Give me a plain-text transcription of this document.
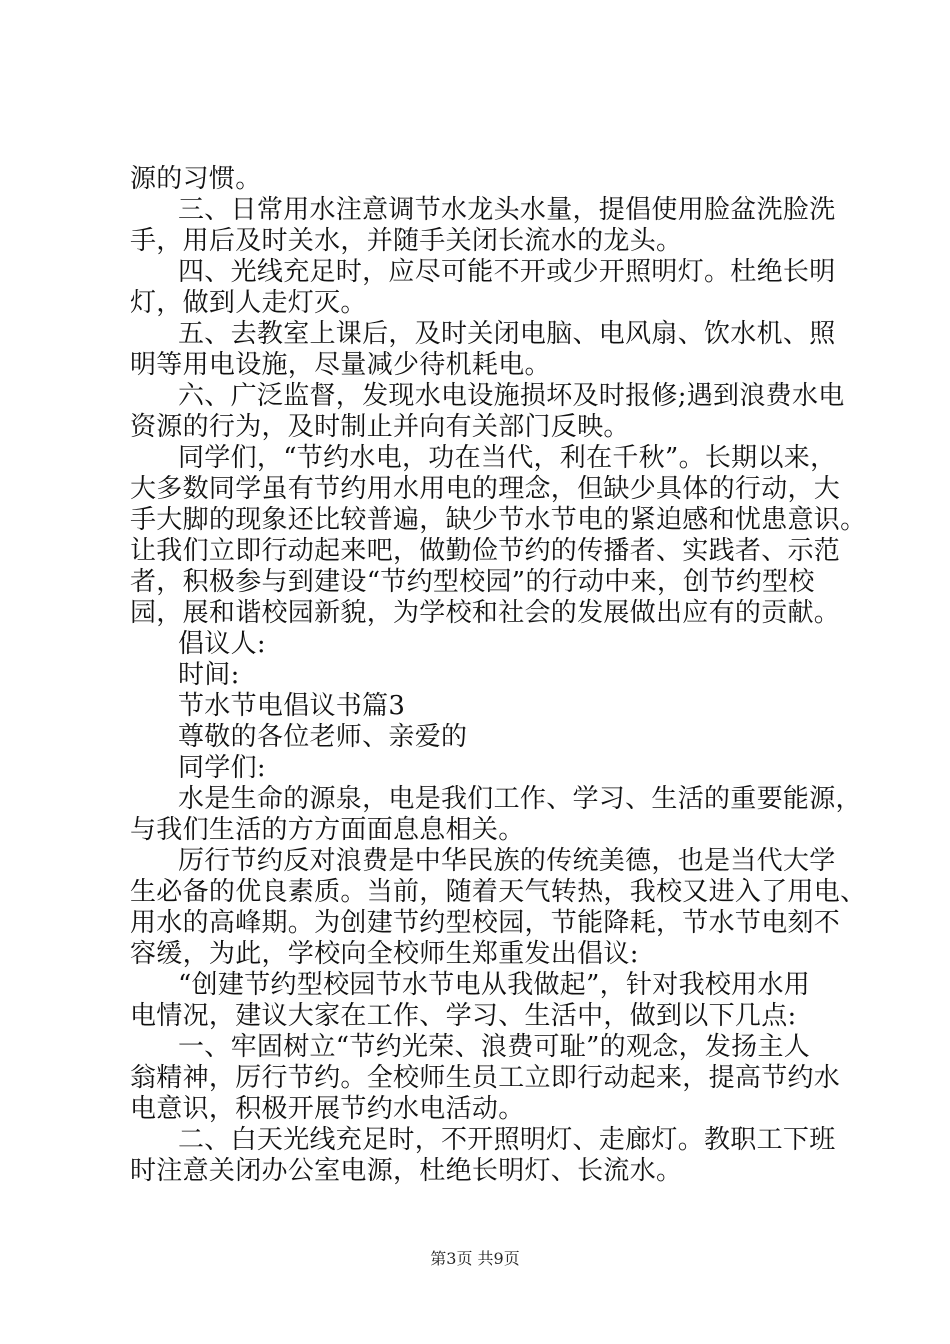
源的习惯。
三、日常用水注意调节水龙头水量，提倡使用脸盆洗脸洗
手，用后及时关水，并随手关闭长流水的龙头。
四、光线充足时，应尽可能不开或少开照明灯。杜绝长明
灯，做到人走灯灭。
五、去教室上课后，及时关闭电脑、电风扇、饮水机、照
明等用电设施，尽量减少待机耗电。
六、广泛监督，发现水电设施损坏及时报修;遇到浪费水电
资源的行为，及时制止并向有关部门反映。
同学们，“节约水电，功在当代，利在千秋”。长期以来，
大多数同学虽有节约用水用电的理念，但缺少具体的行动，大
手大脚的现象还比较普遍，缺少节水节电的紧迫感和忧患意识。
让我们立即行动起来吧，做勤俭节约的传播者、实践者、示范
者，积极参与到建设“节约型校园”的行动中来，创节约型校
园，展和谐校园新貌，为学校和社会的发展做出应有的贡献。
倡议人:
时间:
节水节电倡议书篇3
尊敬的各位老师、亲爱的
同学们:
水是生命的源泉，电是我们工作、学习、生活的重要能源，
与我们生活的方方面面息息相关。
厉行节约反对浪费是中华民族的传统美德，也是当代大学
生必备的优良素质。当前，随着天气转热，我校又进入了用电、
用水的高峰期。为创建节约型校园，节能降耗，节水节电刻不
容缓，为此，学校向全校师生郑重发出倡议:
“创建节约型校园节水节电从我做起”，针对我校用水用
电情况，建议大家在工作、学习、生活中，做到以下几点:
一、牢固树立“节约光荣、浪费可耻”的观念，发扬主人
翁精神，厉行节约。全校师生员工立即行动起来，提高节约水
电意识，积极开展节约水电活动。
二、白天光线充足时，不开照明灯、走廊灯。教职工下班
时注意关闭办公室电源，杜绝长明灯、长流水。
第3页 共9页
